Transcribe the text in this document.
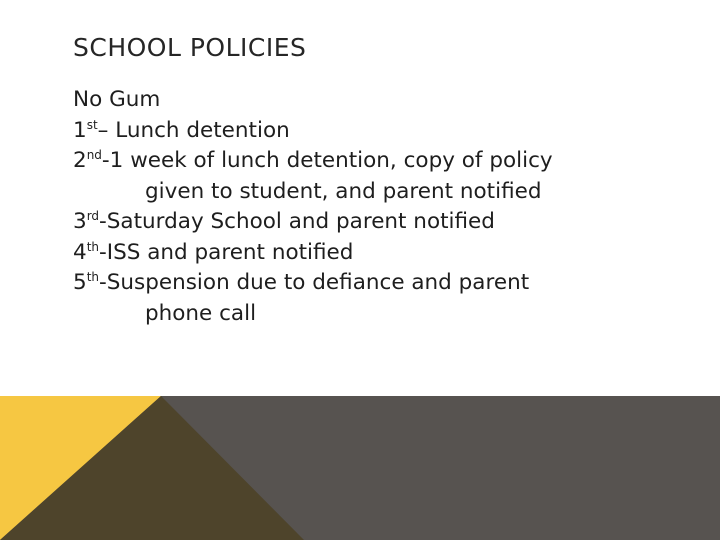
SCHOOL POLICIES
No Gum
1st– Lunch detention
2nd-1 week of lunch detention, copy of policy
given to student, and parent notified
3rd-Saturday School and parent notified
4th-ISS and parent notified
5th-Suspension due to defiance and parent
phone call
